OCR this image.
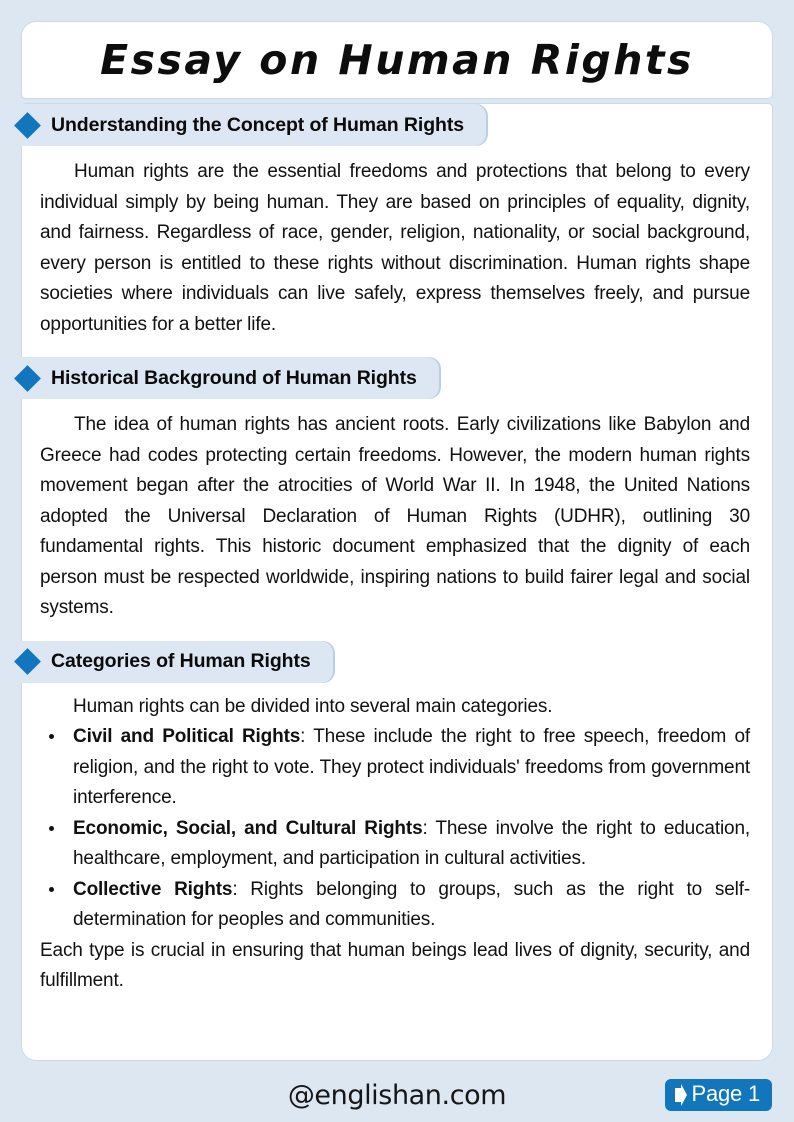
Essay on Human Rights
Understanding the Concept of Human Rights

Human rights are the essential freedoms and protections that belong to every individual simply by being human. They are based on principles of equality, dignity, and fairness. Regardless of race, gender, religion, nationality, or social background, every person is entitled to these rights without discrimination. Human rights shape societies where individuals can live safely, express themselves freely, and pursue opportunities for a better life.

Historical Background of Human Rights

The idea of human rights has ancient roots. Early civilizations like Babylon and Greece had codes protecting certain freedoms. However, the modern human rights movement began after the atrocities of World War II. In 1948, the United Nations adopted the Universal Declaration of Human Rights (UDHR), outlining 30 fundamental rights. This historic document emphasized that the dignity of each person must be respected worldwide, inspiring nations to build fairer legal and social systems.

Categories of Human Rights

Human rights can be divided into several main categories.

Civil and Political Rights: These include the right to free speech, freedom of religion, and the right to vote. They protect individuals' freedoms from government interference.
Economic, Social, and Cultural Rights: These involve the right to education, healthcare, employment, and participation in cultural activities.
Collective Rights: Rights belonging to groups, such as the right to self-determination for peoples and communities.

Each type is crucial in ensuring that human beings lead lives of dignity, security, and fulfillment.

@englishan.com	Page 1
